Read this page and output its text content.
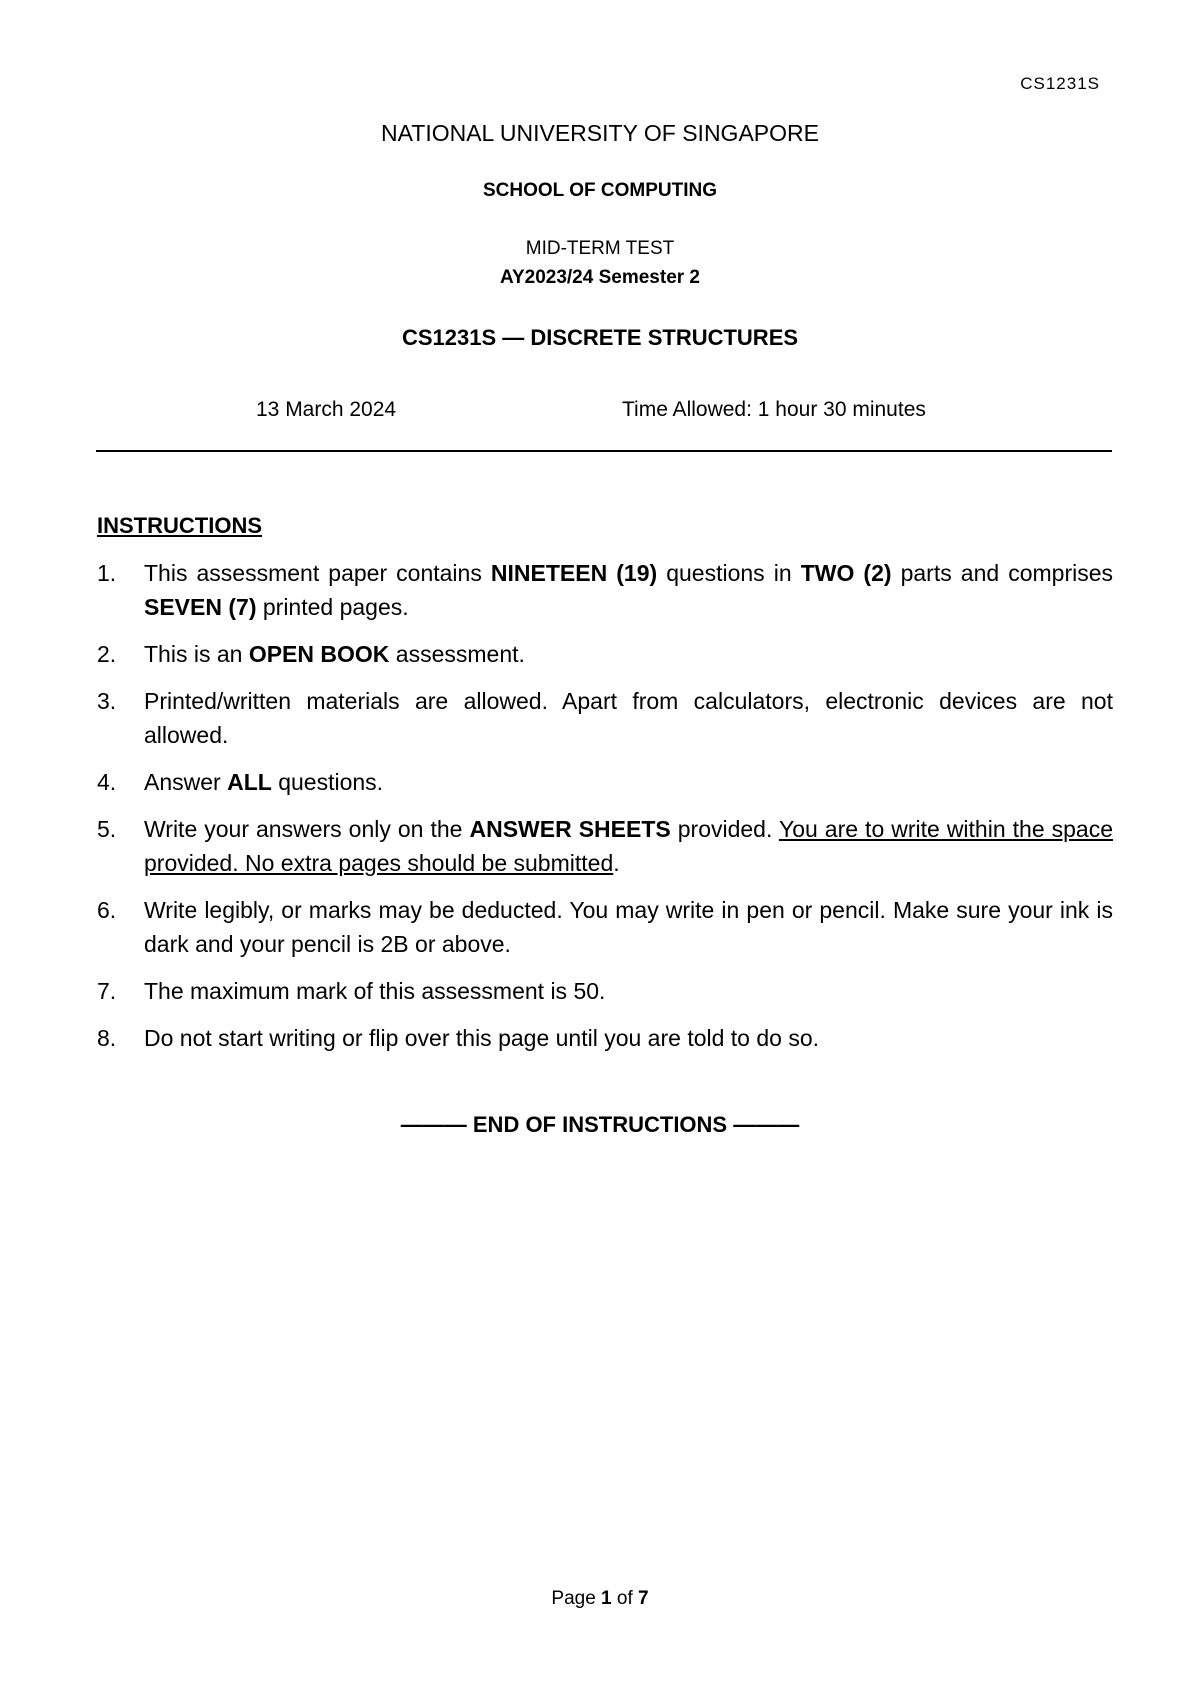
CS1231S
NATIONAL UNIVERSITY OF SINGAPORE
SCHOOL OF COMPUTING
MID-TERM TEST
AY2023/24 Semester 2
CS1231S — DISCRETE STRUCTURES
13 March 2024	Time Allowed: 1 hour 30 minutes
INSTRUCTIONS
1. This assessment paper contains NINETEEN (19) questions in TWO (2) parts and comprises SEVEN (7) printed pages.
2. This is an OPEN BOOK assessment.
3. Printed/written materials are allowed. Apart from calculators, electronic devices are not allowed.
4. Answer ALL questions.
5. Write your answers only on the ANSWER SHEETS provided. You are to write within the space provided. No extra pages should be submitted.
6. Write legibly, or marks may be deducted. You may write in pen or pencil. Make sure your ink is dark and your pencil is 2B or above.
7. The maximum mark of this assessment is 50.
8. Do not start writing or flip over this page until you are told to do so.
——— END OF INSTRUCTIONS ———
Page 1 of 7
